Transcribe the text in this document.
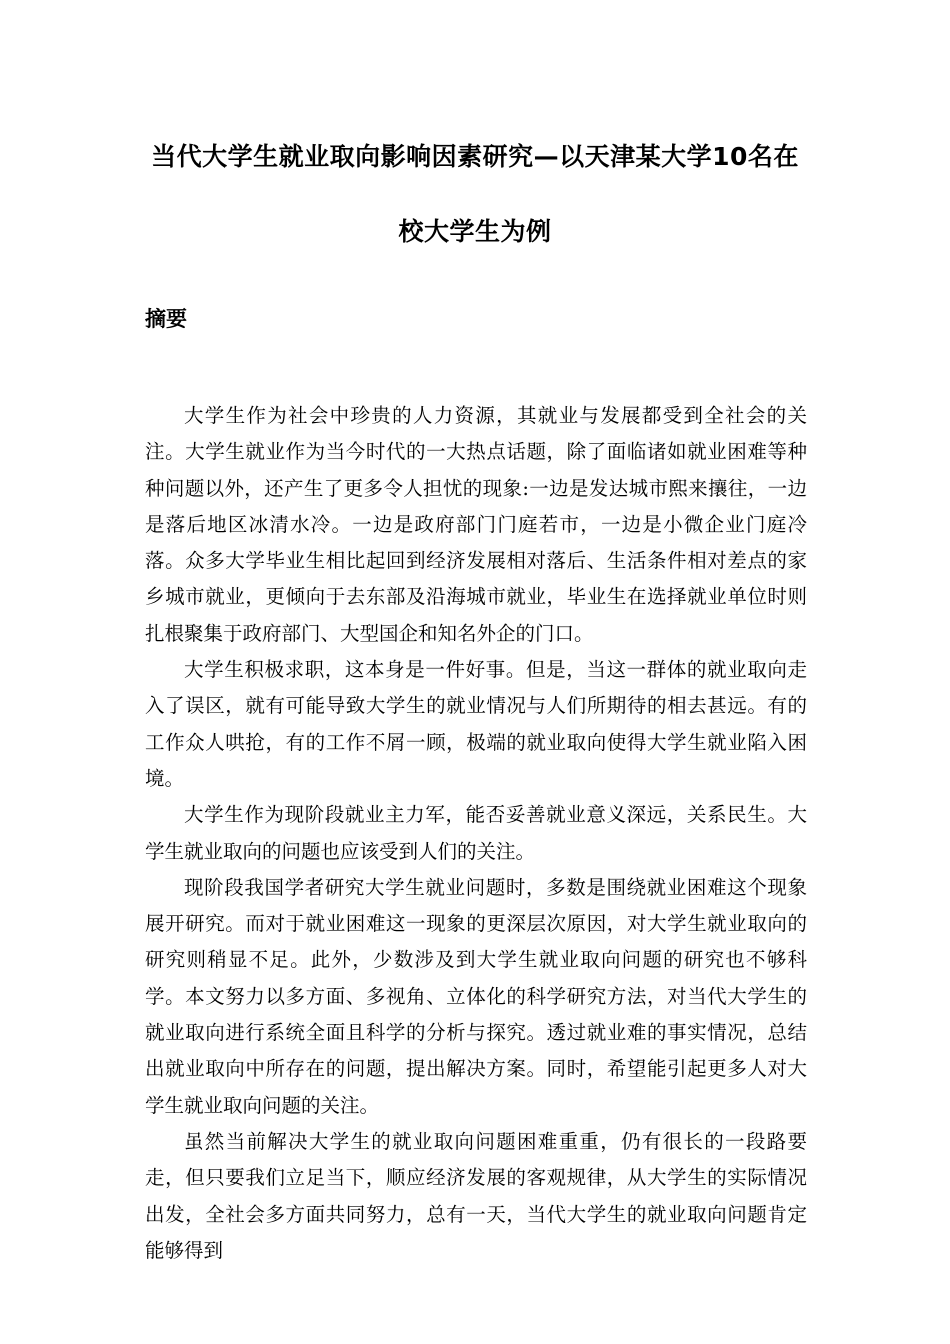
当代大学生就业取向影响因素研究—以天津某大学10名在
校大学生为例
摘要

大学生作为社会中珍贵的人力资源，其就业与发展都受到全社会的关注。大学生就业作为当今时代的一大热点话题，除了面临诸如就业困难等种种问题以外，还产生了更多令人担忧的现象:一边是发达城市熙来攘往，一边是落后地区冰清水冷。一边是政府部门门庭若市，一边是小微企业门庭冷落。众多大学毕业生相比起回到经济发展相对落后、生活条件相对差点的家乡城市就业，更倾向于去东部及沿海城市就业，毕业生在选择就业单位时则扎根聚集于政府部门、大型国企和知名外企的门口。

大学生积极求职，这本身是一件好事。但是，当这一群体的就业取向走入了误区，就有可能导致大学生的就业情况与人们所期待的相去甚远。有的工作众人哄抢，有的工作不屑一顾，极端的就业取向使得大学生就业陷入困境。

大学生作为现阶段就业主力军，能否妥善就业意义深远，关系民生。大学生就业取向的问题也应该受到人们的关注。

现阶段我国学者研究大学生就业问题时，多数是围绕就业困难这个现象展开研究。而对于就业困难这一现象的更深层次原因，对大学生就业取向的研究则稍显不足。此外，少数涉及到大学生就业取向问题的研究也不够科学。本文努力以多方面、多视角、立体化的科学研究方法，对当代大学生的就业取向进行系统全面且科学的分析与探究。透过就业难的事实情况，总结出就业取向中所存在的问题，提出解决方案。同时，希望能引起更多人对大学生就业取向问题的关注。

虽然当前解决大学生的就业取向问题困难重重，仍有很长的一段路要走，但只要我们立足当下，顺应经济发展的客观规律，从大学生的实际情况出发，全社会多方面共同努力，总有一天，当代大学生的就业取向问题肯定能够得到
